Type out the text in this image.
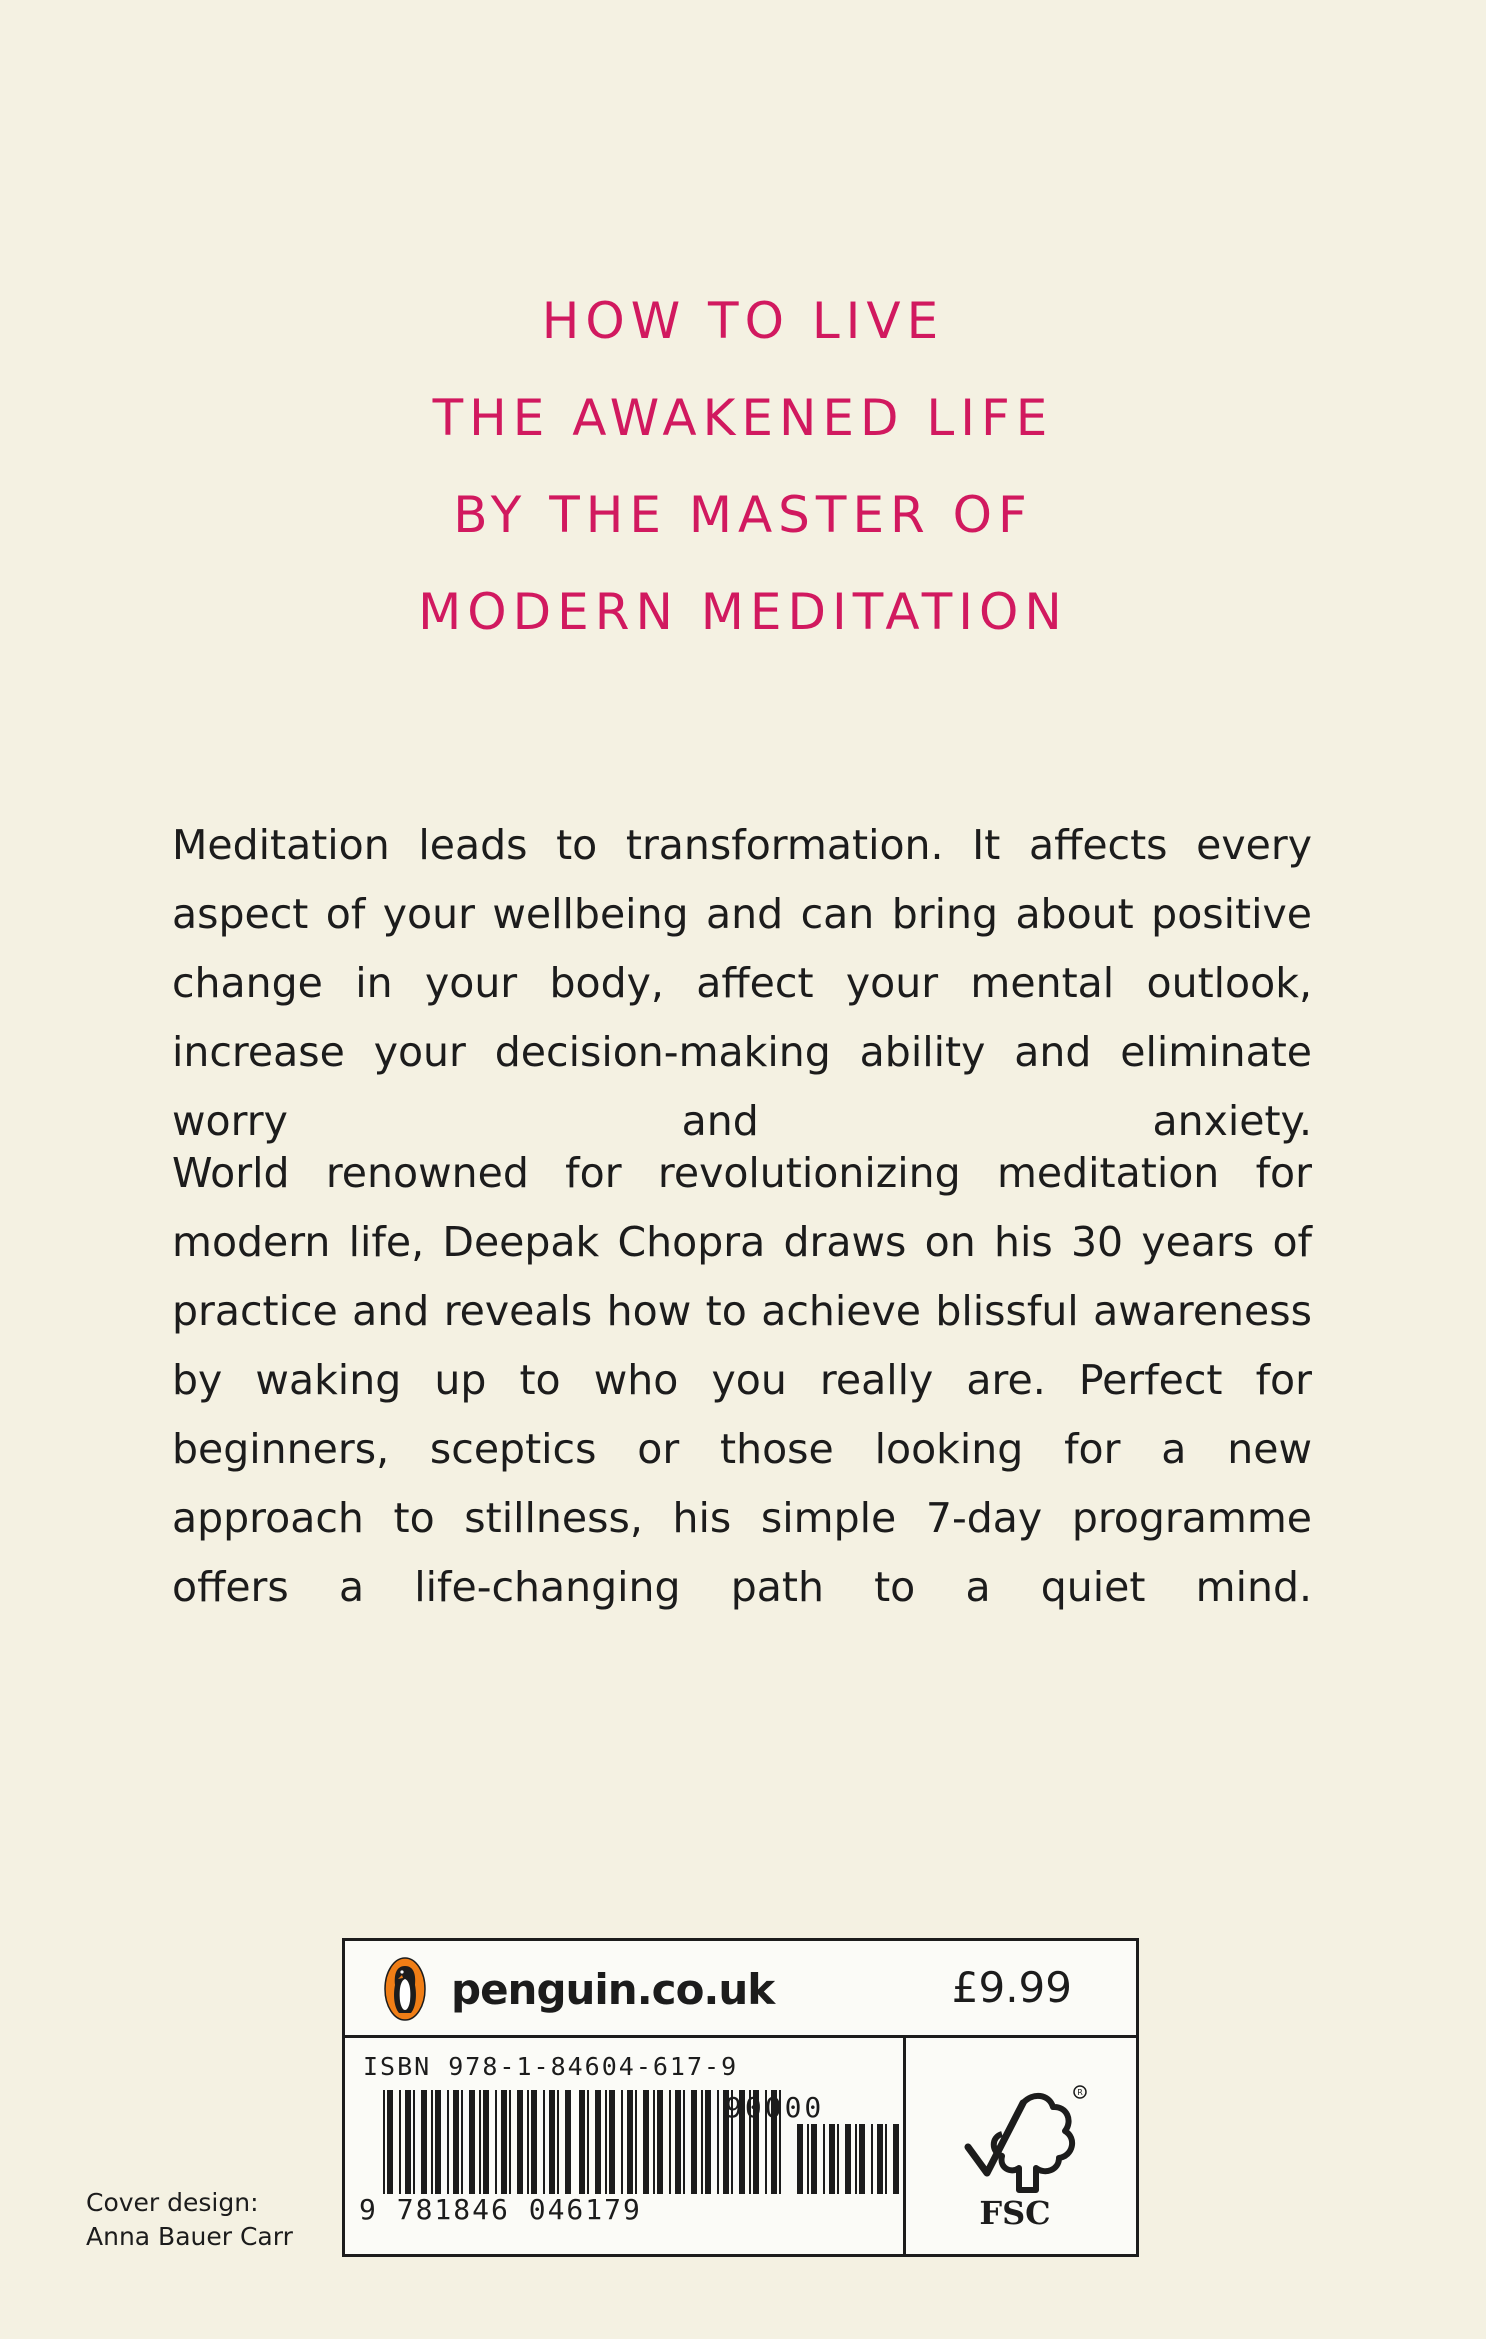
HOW TO LIVE
THE AWAKENED LIFE
BY THE MASTER OF
MODERN MEDITATION

Meditation leads to transformation. It affects every aspect of your wellbeing and can bring about positive change in your body, affect your mental outlook, increase your decision-making ability and eliminate worry and anxiety.

World renowned for revolutionizing meditation for modern life, Deepak Chopra draws on his 30 years of practice and reveals how to achieve blissful awareness by waking up to who you really are. Perfect for beginners, sceptics or those looking for a new approach to stillness, his simple 7-day programme offers a life-changing path to a quiet mind.

Cover design:
Anna Bauer Carr
penguin.co.uk	£9.99
ISBN 978-1-84604-617-9
90000
9 781846 046179
R
FSC
